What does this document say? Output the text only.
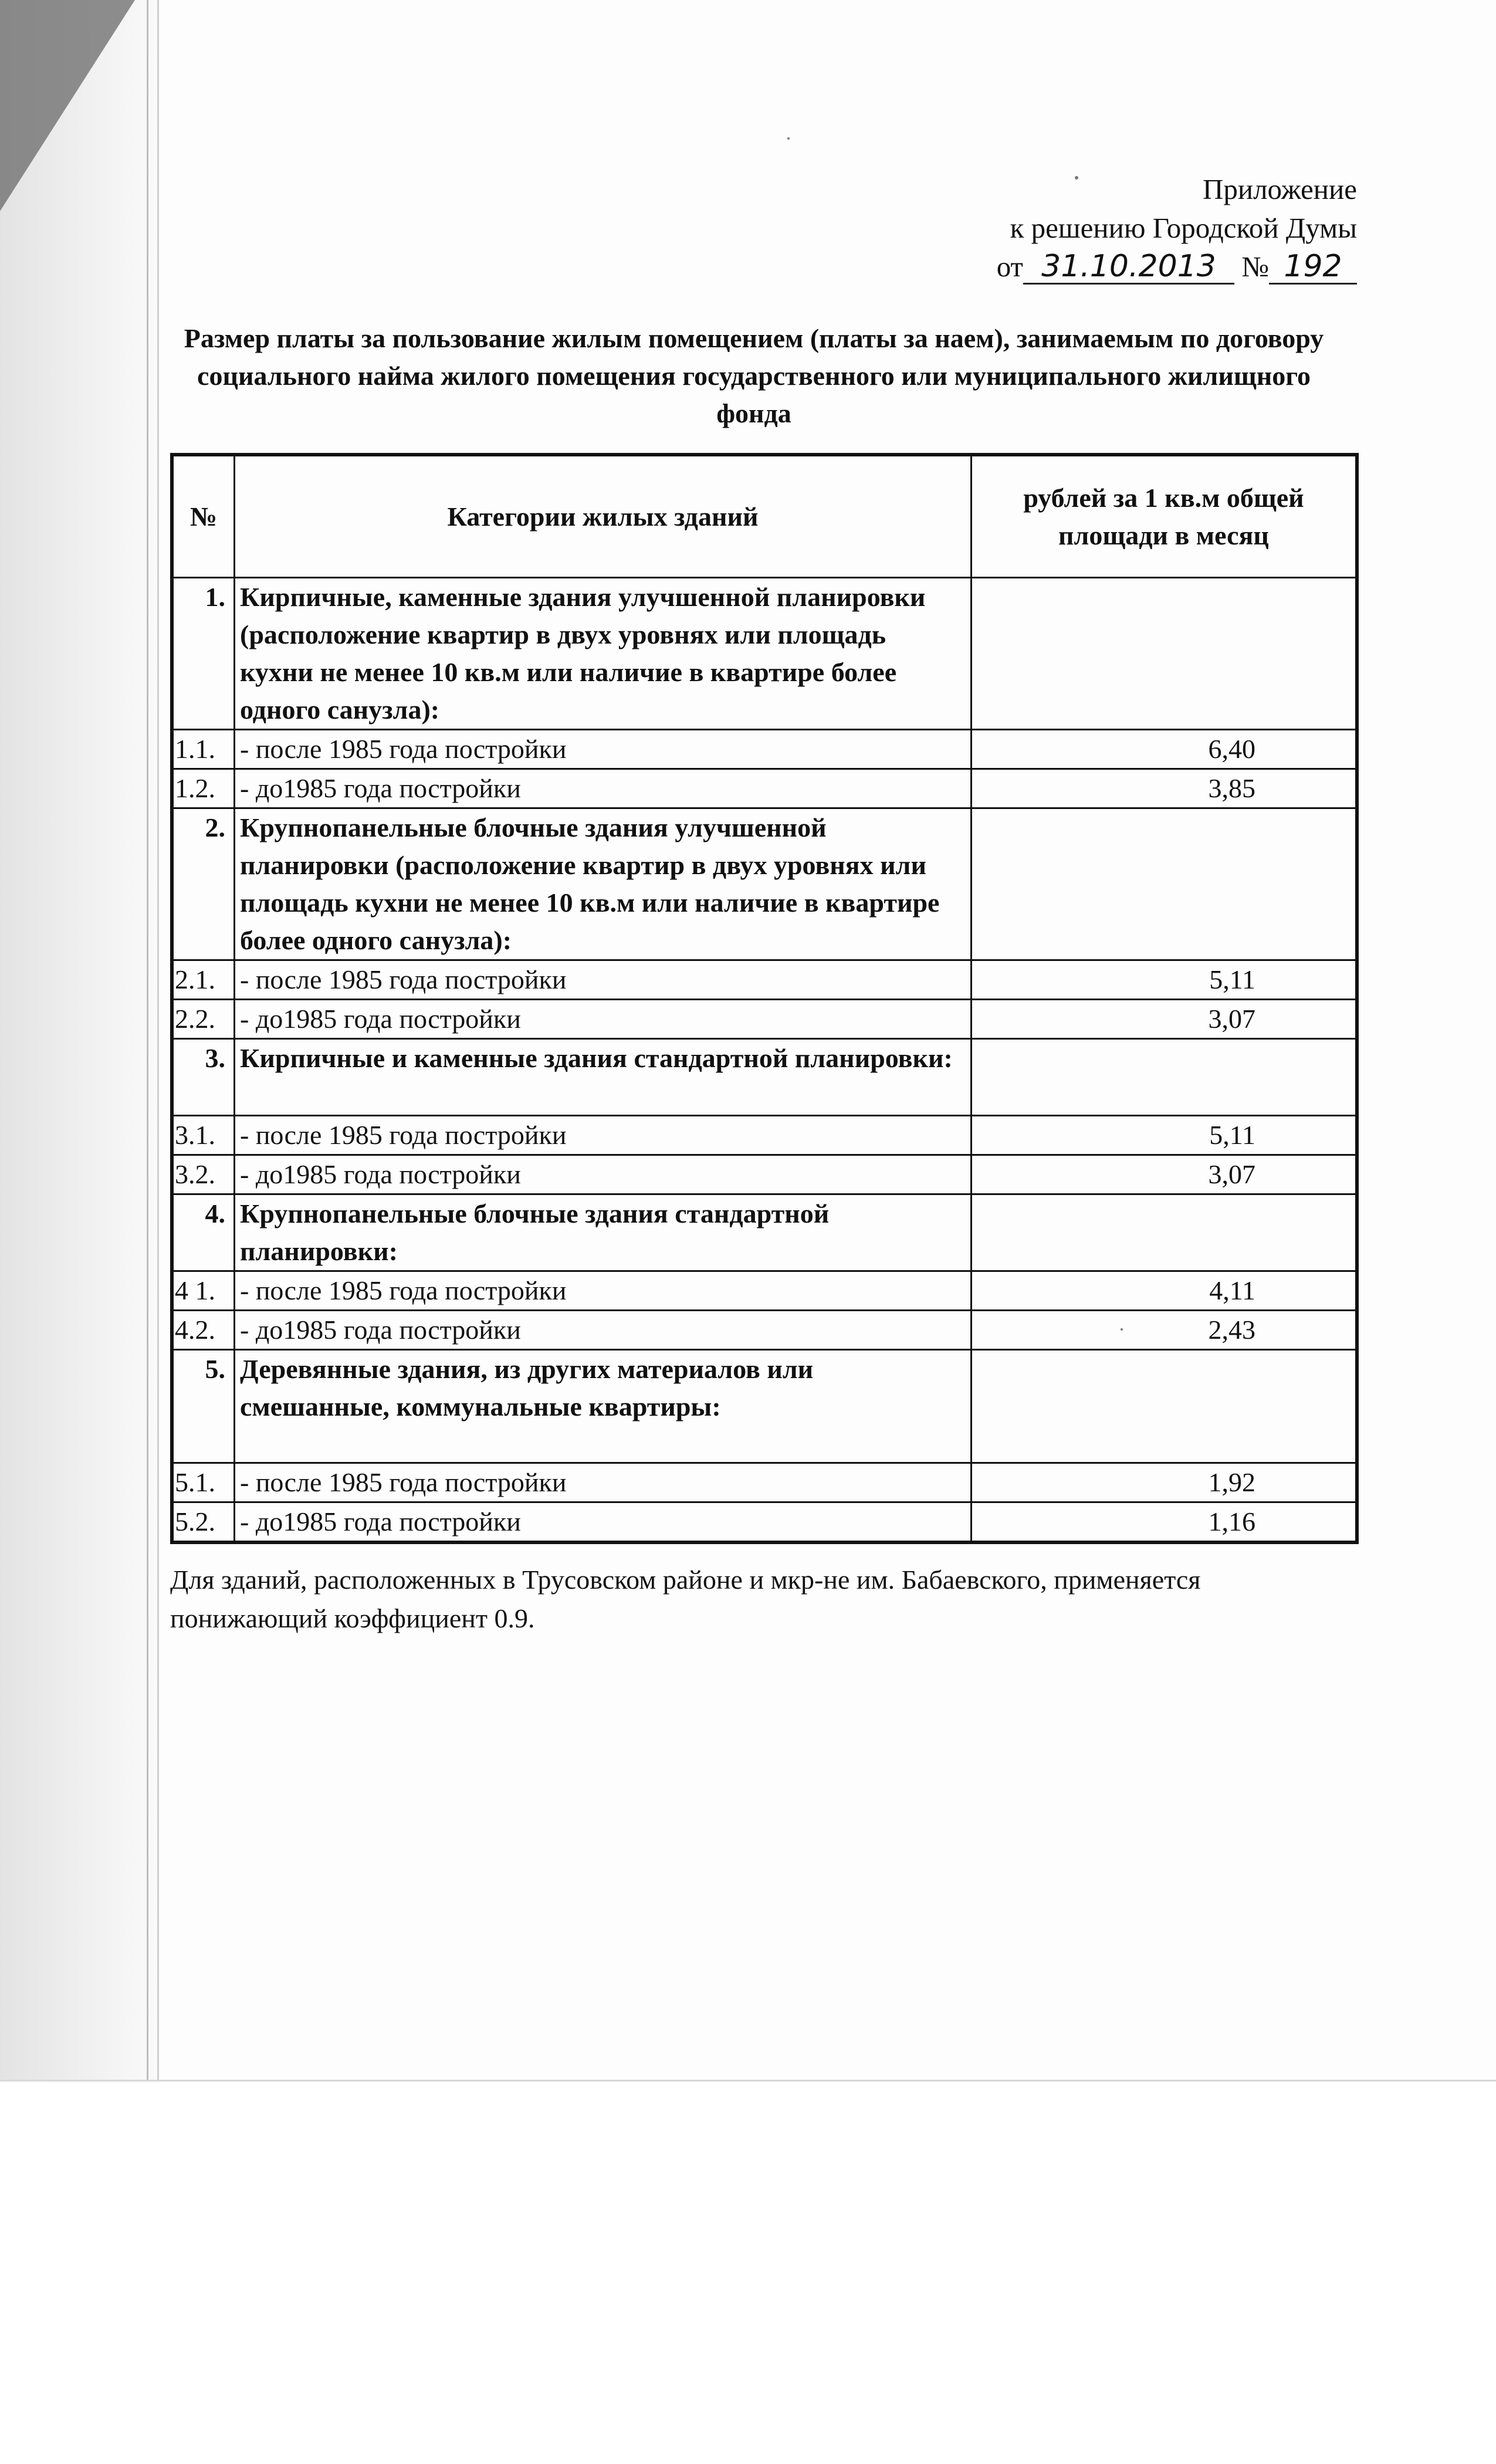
Приложение
к решению Городской Думы
от 31.10.2013 № 192
Размер платы за пользование жилым помещением (платы за наем), занимаемым по договору социального найма жилого помещения государственного или муниципального жилищного фонда
№	Категории жилых зданий	рублей за 1 кв.м общей площади в месяц
1.	Кирпичные, каменные здания улучшенной планировки (расположение квартир в двух уровнях или площадь кухни не менее 10 кв.м или наличие в квартире более одного санузла):	
1.1.	- после 1985 года постройки	6,40
1.2.	- до1985 года постройки	3,85
2.	Крупнопанельные блочные здания улучшенной планировки (расположение квартир в двух уровнях или площадь кухни не менее 10 кв.м или наличие в квартире более одного санузла):	
2.1.	- после 1985 года постройки	5,11
2.2.	- до1985 года постройки	3,07
3.	Кирпичные и каменные здания стандартной планировки:	
3.1.	- после 1985 года постройки	5,11
3.2.	- до1985 года постройки	3,07
4.	Крупнопанельные блочные здания стандартной планировки:	
4 1.	- после 1985 года постройки	4,11
4.2.	- до1985 года постройки	2,43
5.	Деревянные здания, из других материалов или смешанные, коммунальные квартиры:	
5.1.	- после 1985 года постройки	1,92
5.2.	- до1985 года постройки	1,16
Для зданий, расположенных в Трусовском районе и мкр-не им. Бабаевского, применяется понижающий коэффициент 0.9.
